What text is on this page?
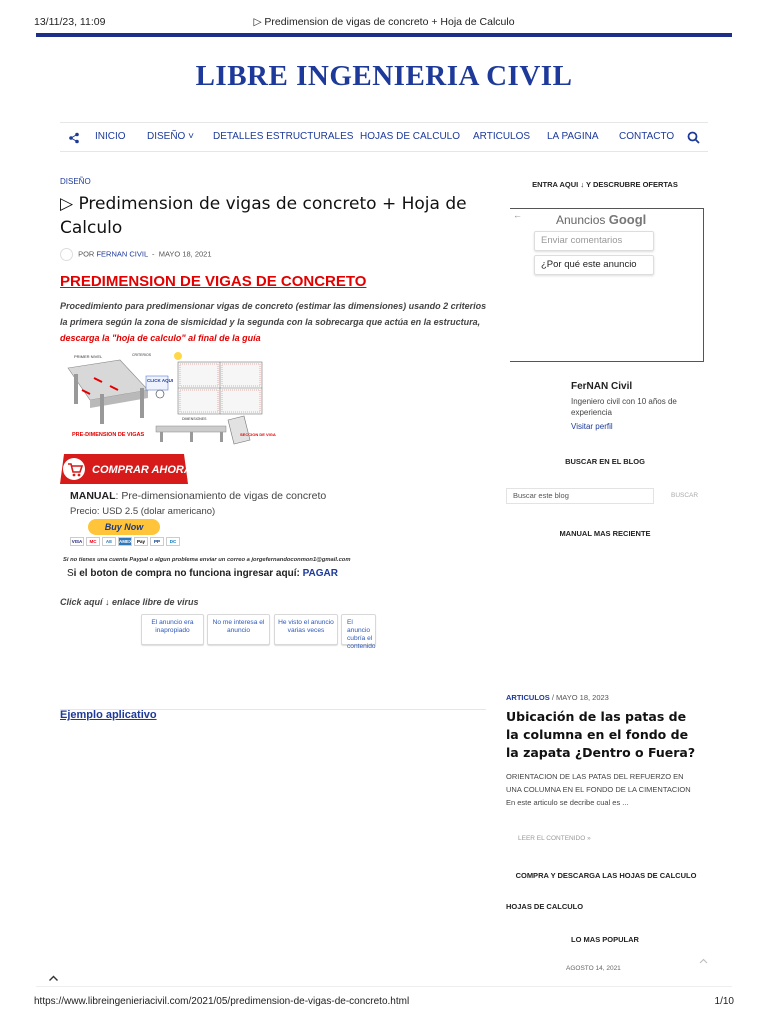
13/11/23, 11:09	▷ Predimension de vigas de concreto + Hoja de Calculo
LIBRE INGENIERIA CIVIL
INICIO DISEÑO ˅ DETALLES ESTRUCTURALES HOJAS DE CALCULO ARTICULOS LA PAGINA CONTACTO
DISEÑO
▷ Predimension de vigas de concreto + Hoja de Calculo
POR FERNAN CIVIL - MAYO 18, 2021
PREDIMENSION DE VIGAS DE CONCRETO
Procedimiento para predimensionar vigas de concreto (estimar las dimensiones) usando 2 criterios la primera según la zona de sismicidad y la segunda con la sobrecarga que actúa en la estructura, descarga la "hoja de calculo" al final de la guía
PRIMER NIVEL	CRITERIOS
CLICK AQUI
DIMENSIONES
SECCION DE VIGA
PRE-DIMENSION DE VIGAS
COMPRAR AHORA
MANUAL: Pre-dimensionamiento de vigas de concreto
Precio: USD 2.5 (dolar americano)
Buy Now
VISA	MC	AE	AMEX	Pay	PP	DC
Si no tienes una cuenta Paypal o algun problema enviar un correo a jorgefernandoconmon1@gmail.com
Si el boton de compra no funciona ingresar aquí: PAGAR
Click aquí ↓ enlace libre de virus
El anuncio era inapropiado
No me interesa el anuncio
He visto el anuncio varias veces
El anuncio cubría el contenido
Ejemplo aplicativo
ENTRA AQUI ↓ Y DESCRUBRE OFERTAS
←	Anuncios Googl
Enviar comentarios
¿Por qué este anuncio
FerNAN Civil
Ingeniero civil con 10 años de experiencia
Visitar perfil
BUSCAR EN EL BLOG
Buscar este blog	BUSCAR
MANUAL MAS RECIENTE
ARTICULOS / MAYO 18, 2023
Ubicación de las patas de la columna en el fondo de la zapata ¿Dentro o Fuera?
ORIENTACION DE LAS PATAS DEL REFUERZO EN UNA COLUMNA EN EL FONDO DE LA CIMENTACION En este articulo se decribe cual es ...
LEER EL CONTENIDO »
COMPRA Y DESCARGA LAS HOJAS DE CALCULO
HOJAS DE CALCULO
LO MAS POPULAR
AGOSTO 14, 2021
https://www.libreingenieriacivil.com/2021/05/predimension-de-vigas-de-concreto.html	1/10
